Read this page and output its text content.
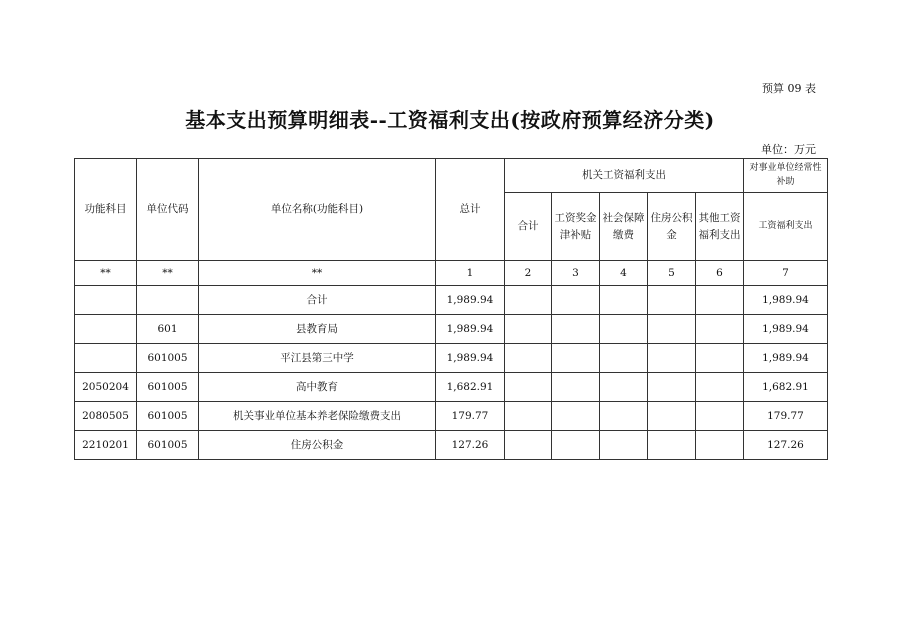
预算 09 表
基本支出预算明细表--工资福利支出(按政府预算经济分类)
单位：万元
功能科目	单位代码	单位名称(功能科目)	总计	机关工资福利支出					对事业单位经常性补助
				合计	工资奖金津补贴	社会保障缴费	住房公积金	其他工资福利支出	工资福利支出
**	**	**	1	2	3	4	5	6	7
		合计	1,989.94						1,989.94
	601	县教育局	1,989.94						1,989.94
	601005	平江县第三中学	1,989.94						1,989.94
2050204	601005	高中教育	1,682.91						1,682.91
2080505	601005	机关事业单位基本养老保险缴费支出	179.77						179.77
2210201	601005	住房公积金	127.26						127.26
